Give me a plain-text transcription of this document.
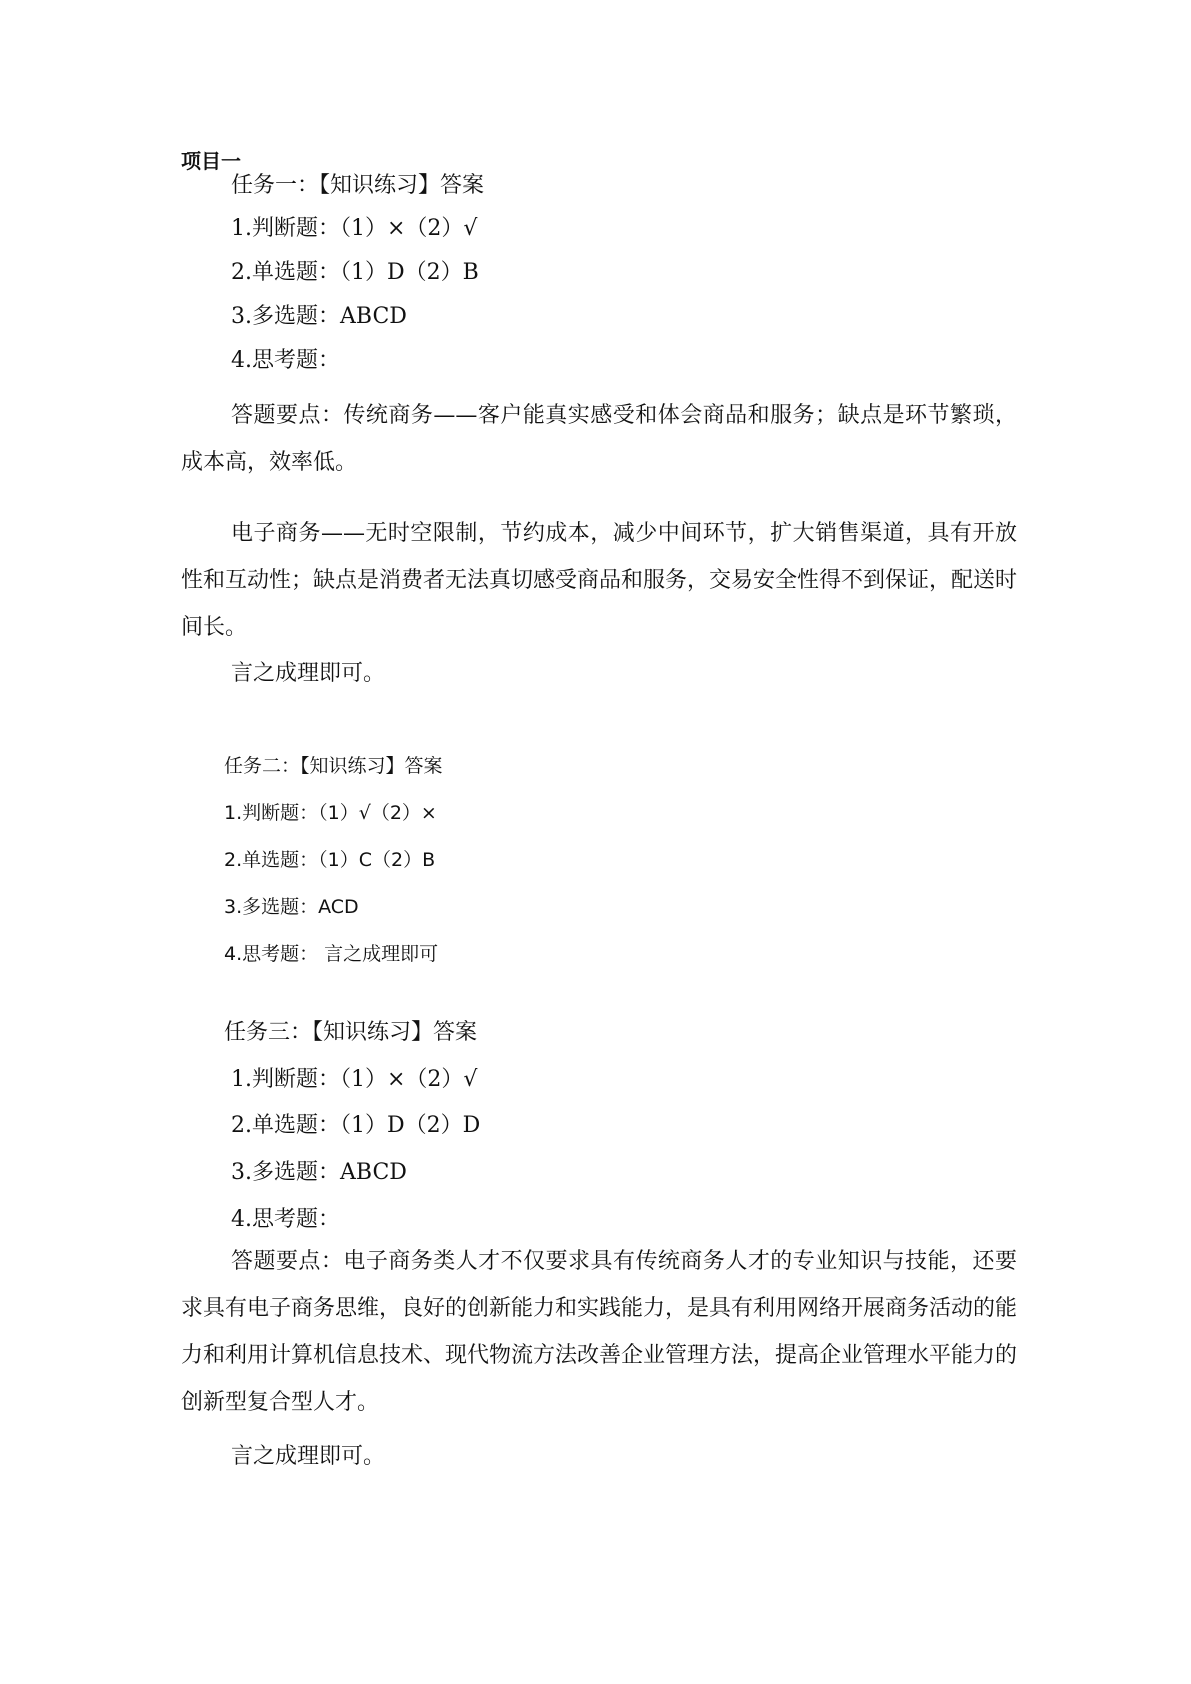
项目一

任务一：【知识练习】答案

1.判断题：（1）×（2）√

2.单选题：（1）D（2）B

3.多选题：ABCD

4.思考题：

答题要点：传统商务——客户能真实感受和体会商品和服务；缺点是环节繁琐，成本高，效率低。

电子商务——无时空限制，节约成本，减少中间环节，扩大销售渠道，具有开放性和互动性；缺点是消费者无法真切感受商品和服务，交易安全性得不到保证，配送时间长。

言之成理即可。

任务二：【知识练习】答案

1.判断题：（1）√（2）×

2.单选题：（1）C（2）B

3.多选题：ACD

4.思考题： 言之成理即可

任务三：【知识练习】答案

1.判断题：（1）×（2）√

2.单选题：（1）D（2）D

3.多选题：ABCD

4.思考题：

答题要点：电子商务类人才不仅要求具有传统商务人才的专业知识与技能，还要求具有电子商务思维，良好的创新能力和实践能力，是具有利用网络开展商务活动的能力和利用计算机信息技术、现代物流方法改善企业管理方法，提高企业管理水平能力的创新型复合型人才。

言之成理即可。
